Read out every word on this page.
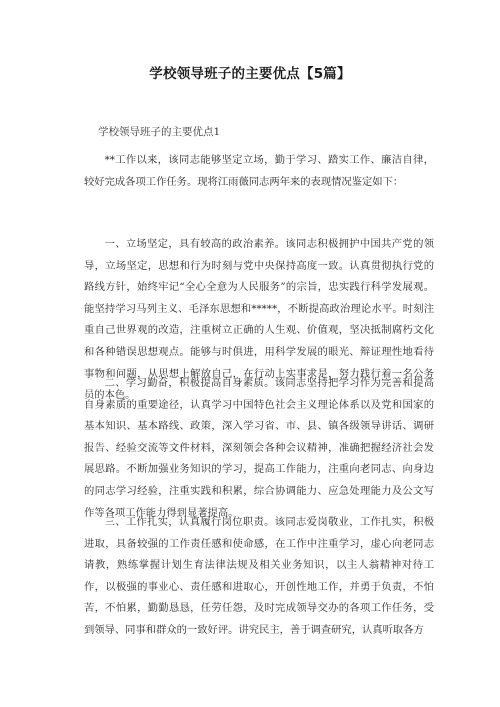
学校领导班子的主要优点【5篇】
学校领导班子的主要优点1

**工作以来，该同志能够坚定立场，勤于学习、踏实工作、廉洁自律，较好完成各项工作任务。现将江雨薇同志两年来的表现情况鉴定如下：

一、立场坚定，具有较高的政治素养。该同志积极拥护中国共产党的领导，立场坚定，思想和行为时刻与党中央保持高度一致。认真贯彻执行党的路线方针，始终牢记“全心全意为人民服务”的宗旨，忠实践行科学发展观。能坚持学习马列主义、毛泽东思想和*****，不断提高政治理论水平。时刻注重自己世界观的改造，注重树立正确的人生观、价值观，坚决抵制腐朽文化和各种错误思想观点。能够与时俱进，用科学发展的眼光、辩证理性地看待事物和问题，从思想上解放自己，在行动上实事求是，努力践行着一名公务员的本色。

二、学习勤奋，积极提高自身素质。该同志坚持把学习作为完善和提高自身素质的重要途径，认真学习中国特色社会主义理论体系以及党和国家的基本知识、基本路线、政策，深入学习省、市、县、镇各级领导讲话、调研报告、经验交流等文件材料，深刻领会各种会议精神，准确把握经济社会发展思路。不断加强业务知识的学习，提高工作能力，注重向老同志、向身边的同志学习经验，注重实践和积累，综合协调能力、应急处理能力及公文写作等各项工作能力得到显著提高。

三、工作扎实，认真履行岗位职责。该同志爱岗敬业，工作扎实，积极进取，具备较强的工作责任感和使命感，在工作中注重学习，虚心向老同志请教，熟练掌握计划生育法律法规及相关业务知识，以主人翁精神对待工作，以极强的事业心、责任感和进取心，开创性地工作，并勇于负责，不怕苦，不怕累，勤勤恳恳，任劳任怨，及时完成领导交办的各项工作任务，受到领导、同事和群众的一致好评。讲究民主，善于调查研究，认真听取各方
